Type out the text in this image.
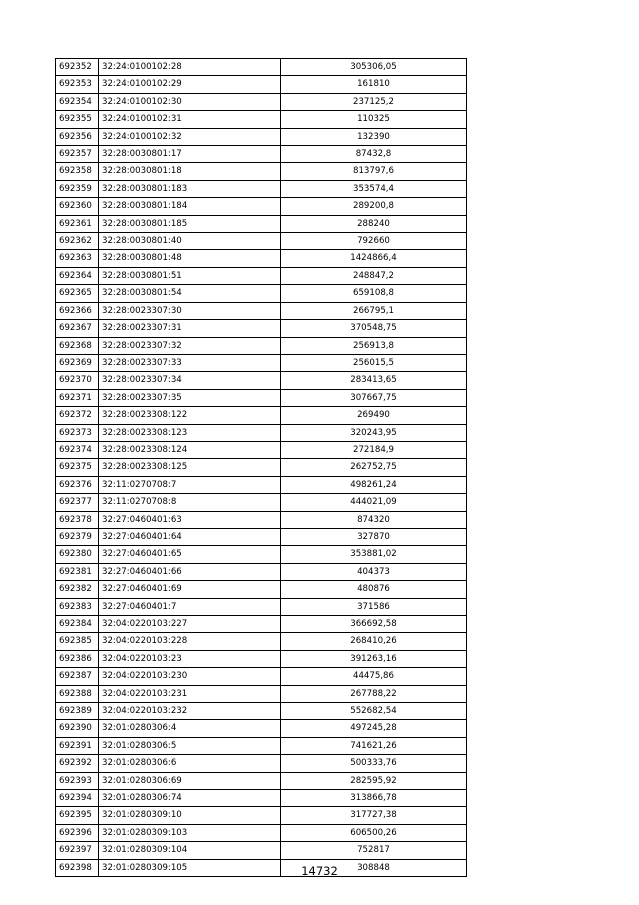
692352	32:24:0100102:28	305306,05
692353	32:24:0100102:29	161810
692354	32:24:0100102:30	237125,2
692355	32:24:0100102:31	110325
692356	32:24:0100102:32	132390
692357	32:28:0030801:17	87432,8
692358	32:28:0030801:18	813797,6
692359	32:28:0030801:183	353574,4
692360	32:28:0030801:184	289200,8
692361	32:28:0030801:185	288240
692362	32:28:0030801:40	792660
692363	32:28:0030801:48	1424866,4
692364	32:28:0030801:51	248847,2
692365	32:28:0030801:54	659108,8
692366	32:28:0023307:30	266795,1
692367	32:28:0023307:31	370548,75
692368	32:28:0023307:32	256913,8
692369	32:28:0023307:33	256015,5
692370	32:28:0023307:34	283413,65
692371	32:28:0023307:35	307667,75
692372	32:28:0023308:122	269490
692373	32:28:0023308:123	320243,95
692374	32:28:0023308:124	272184,9
692375	32:28:0023308:125	262752,75
692376	32:11:0270708:7	498261,24
692377	32:11:0270708:8	444021,09
692378	32:27:0460401:63	874320
692379	32:27:0460401:64	327870
692380	32:27:0460401:65	353881,02
692381	32:27:0460401:66	404373
692382	32:27:0460401:69	480876
692383	32:27:0460401:7	371586
692384	32:04:0220103:227	366692,58
692385	32:04:0220103:228	268410,26
692386	32:04:0220103:23	391263,16
692387	32:04:0220103:230	44475,86
692388	32:04:0220103:231	267788,22
692389	32:04:0220103:232	552682,54
692390	32:01:0280306:4	497245,28
692391	32:01:0280306:5	741621,26
692392	32:01:0280306:6	500333,76
692393	32:01:0280306:69	282595,92
692394	32:01:0280306:74	313866,78
692395	32:01:0280309:10	317727,38
692396	32:01:0280309:103	606500,26
692397	32:01:0280309:104	752817
692398	32:01:0280309:105	308848
14732
